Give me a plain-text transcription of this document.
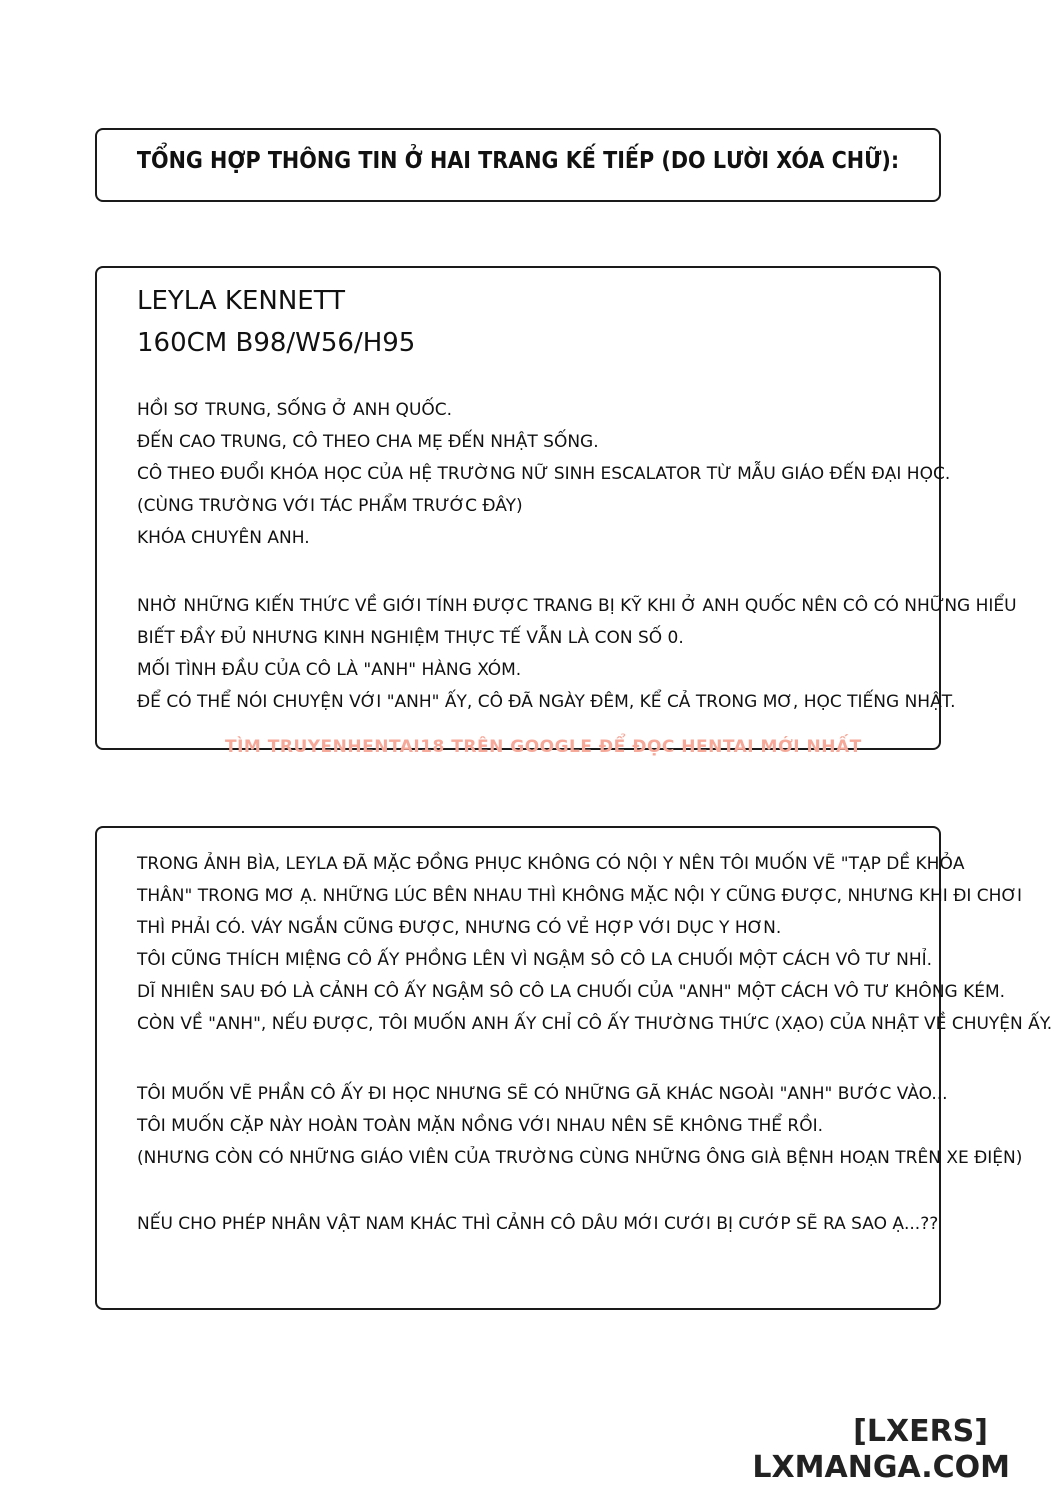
TỔNG HỢP THÔNG TIN Ở HAI TRANG KẾ TIẾP (DO LƯỜI XÓA CHỮ):
LEYLA KENNETT
160CM B98/W56/H95
HỒI SƠ TRUNG, SỐNG Ở ANH QUỐC.
ĐẾN CAO TRUNG, CÔ THEO CHA MẸ ĐẾN NHẬT SỐNG.
CÔ THEO ĐUỔI KHÓA HỌC CỦA HỆ TRƯỜNG NỮ SINH ESCALATOR TỪ MẪU GIÁO ĐẾN ĐẠI HỌC.
(CÙNG TRƯỜNG VỚI TÁC PHẨM TRƯỚC ĐÂY)
KHÓA CHUYÊN ANH.
NHỜ NHỮNG KIẾN THỨC VỀ GIỚI TÍNH ĐƯỢC TRANG BỊ KỸ KHI Ở ANH QUỐC NÊN CÔ CÓ NHỮNG HIỂU
BIẾT ĐẦY ĐỦ NHƯNG KINH NGHIỆM THỰC TẾ VẪN LÀ CON SỐ 0.
MỐI TÌNH ĐẦU CỦA CÔ LÀ "ANH" HÀNG XÓM.
ĐỂ CÓ THỂ NÓI CHUYỆN VỚI "ANH" ẤY, CÔ ĐÃ NGÀY ĐÊM, KỂ CẢ TRONG MƠ, HỌC TIẾNG NHẬT.
TÌM TRUYENHENTAI18 TRÊN GOOGLE ĐỂ ĐỌC HENTAI MỚI NHẤT
TRONG ẢNH BÌA, LEYLA ĐÃ MẶC ĐỒNG PHỤC KHÔNG CÓ NỘI Y NÊN TÔI MUỐN VẼ "TẠP DỀ KHỎA
THÂN" TRONG MƠ Ạ. NHỮNG LÚC BÊN NHAU THÌ KHÔNG MẶC NỘI Y CŨNG ĐƯỢC, NHƯNG KHI ĐI CHƠI
THÌ PHẢI CÓ. VÁY NGẮN CŨNG ĐƯỢC, NHƯNG CÓ VẺ HỢP VỚI DỤC Y HƠN.
TÔI CŨNG THÍCH MIỆNG CÔ ẤY PHỒNG LÊN VÌ NGẬM SÔ CÔ LA CHUỐI MỘT CÁCH VÔ TƯ NHỈ.
DĨ NHIÊN SAU ĐÓ LÀ CẢNH CÔ ẤY NGẬM SÔ CÔ LA CHUỐI CỦA "ANH" MỘT CÁCH VÔ TƯ KHÔNG KÉM.
CÒN VỀ "ANH", NẾU ĐƯỢC, TÔI MUỐN ANH ẤY CHỈ CÔ ẤY THƯỜNG THỨC (XẠO) CỦA NHẬT VỀ CHUYỆN ẤY.
TÔI MUỐN VẼ PHẦN CÔ ẤY ĐI HỌC NHƯNG SẼ CÓ NHỮNG GÃ KHÁC NGOÀI "ANH" BƯỚC VÀO...
TÔI MUỐN CẶP NÀY HOÀN TOÀN MẶN NỒNG VỚI NHAU NÊN SẼ KHÔNG THỂ RỒI.
(NHƯNG CÒN CÓ NHỮNG GIÁO VIÊN CỦA TRƯỜNG CÙNG NHỮNG ÔNG GIÀ BỆNH HOẠN TRÊN XE ĐIỆN)
NẾU CHO PHÉP NHÂN VẬT NAM KHÁC THÌ CẢNH CÔ DÂU MỚI CƯỚI BỊ CƯỚP SẼ RA SAO Ạ...??
[LXERS]
LXMANGA.COM
